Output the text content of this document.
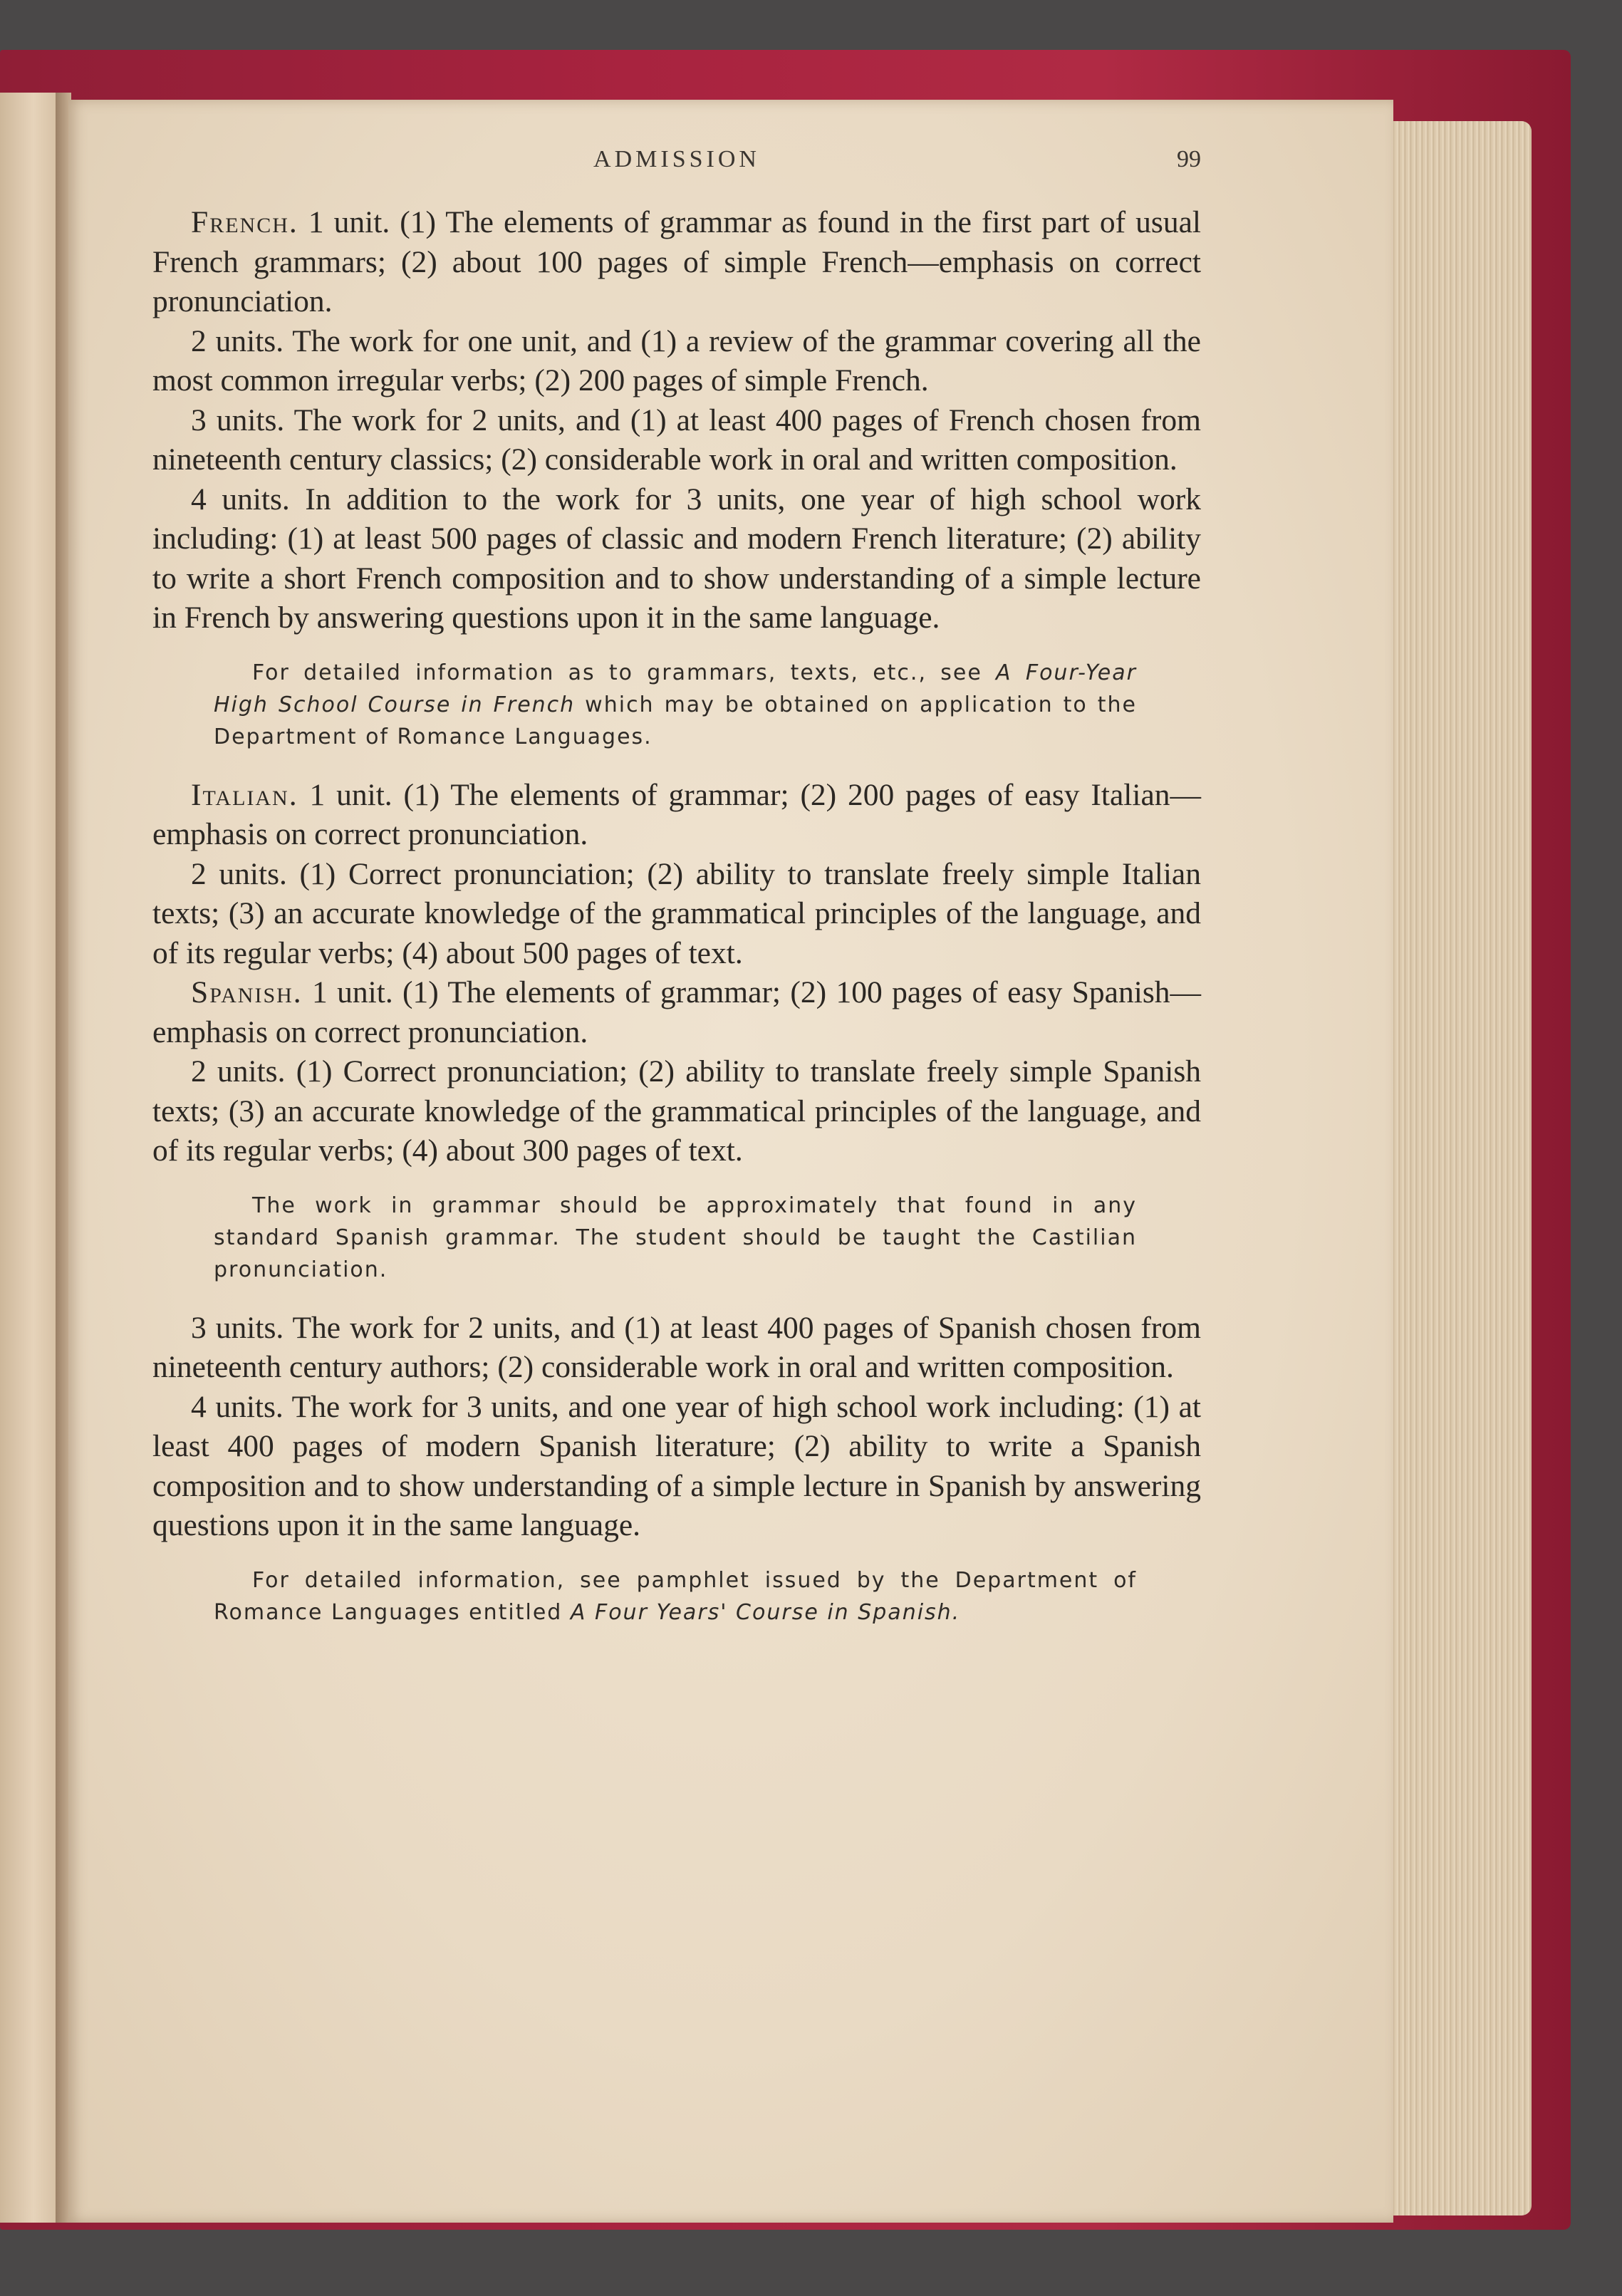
ADMISSION	99

French. 1 unit. (1) The elements of grammar as found in the first part of usual French grammars; (2) about 100 pages of simple French—emphasis on correct pronunciation.

2 units. The work for one unit, and (1) a review of the grammar covering all the most common irregular verbs; (2) 200 pages of simple French.

3 units. The work for 2 units, and (1) at least 400 pages of French chosen from nineteenth century classics; (2) considerable work in oral and written composition.

4 units. In addition to the work for 3 units, one year of high school work including: (1) at least 500 pages of classic and modern French literature; (2) ability to write a short French composition and to show understanding of a simple lecture in French by answering questions upon it in the same language.

For detailed information as to grammars, texts, etc., see A Four-Year High School Course in French which may be obtained on application to the Department of Romance Languages.

Italian. 1 unit. (1) The elements of grammar; (2) 200 pages of easy Italian—emphasis on correct pronunciation.

2 units. (1) Correct pronunciation; (2) ability to translate freely simple Italian texts; (3) an accurate knowledge of the grammatical principles of the language, and of its regular verbs; (4) about 500 pages of text.

Spanish. 1 unit. (1) The elements of grammar; (2) 100 pages of easy Spanish—emphasis on correct pronunciation.

2 units. (1) Correct pronunciation; (2) ability to translate freely simple Spanish texts; (3) an accurate knowledge of the grammatical principles of the language, and of its regular verbs; (4) about 300 pages of text.

The work in grammar should be approximately that found in any standard Spanish grammar. The student should be taught the Castilian pronunciation.

3 units. The work for 2 units, and (1) at least 400 pages of Spanish chosen from nineteenth century authors; (2) considerable work in oral and written composition.

4 units. The work for 3 units, and one year of high school work including: (1) at least 400 pages of modern Spanish literature; (2) ability to write a Spanish composition and to show understanding of a simple lecture in Spanish by answering questions upon it in the same language.

For detailed information, see pamphlet issued by the Department of Romance Languages entitled A Four Years' Course in Spanish.
